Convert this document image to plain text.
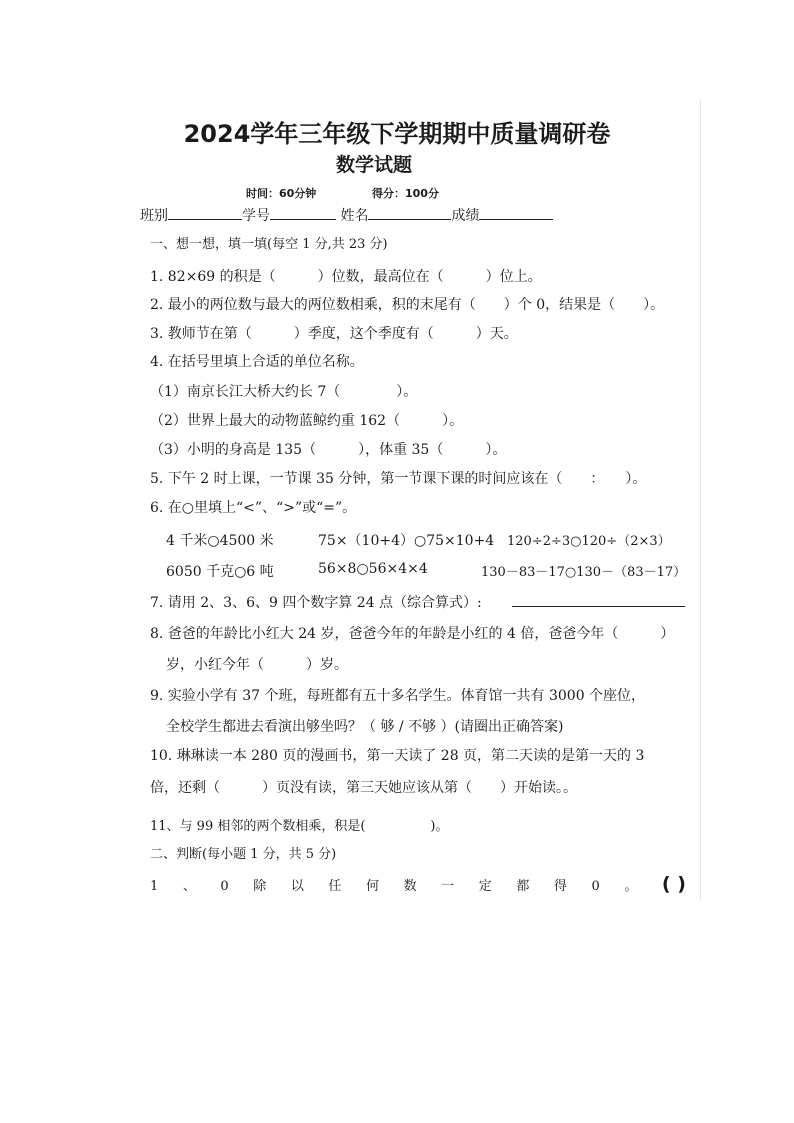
2024学年三年级下学期期中质量调研卷
数学试题
时间：60分钟	得分：100分
班别	学号	姓名	成绩
一、想一想，填一填(每空 1 分,共 23 分)
1. 82×69 的积是（　　　）位数，最高位在（　　　）位上。
2. 最小的两位数与最大的两位数相乘，积的末尾有（　　）个 0，结果是（　　）。
3. 教师节在第（　　　）季度，这个季度有（　　　）天。
4. 在括号里填上合适的单位名称。
（1）南京长江大桥大约长 7（　　　　）。
（2）世界上最大的动物蓝鲸约重 162（　　　）。
（3）小明的身高是 135（　　　），体重 35（　　　）。
5. 下午 2 时上课，一节课 35 分钟，第一节课下课的时间应该在（　　：　　）。
6. 在○里填上“<”、“>”或“=”。
4 千米○4500 米	75×（10+4）○75×10+4 120÷2÷3○120÷（2×3）
6050 千克○6 吨	56×8○56×4×4	130－83－17○130－（83－17）
7. 请用 2、3、6、9 四个数字算 24 点（综合算式）:
8. 爸爸的年龄比小红大 24 岁，爸爸今年的年龄是小红的 4 倍，爸爸今年（　　　）
岁，小红今年（　　　）岁。
9. 实验小学有 37 个班，每班都有五十多名学生。体育馆一共有 3000 个座位，
全校学生都进去看演出够坐吗？（ 够 / 不够 ）(请圈出正确答案)
10. 琳琳读一本 280 页的漫画书，第一天读了 28 页，第二天读的是第一天的 3
倍，还剩（　　　）页没有读，第三天她应该从第（　　）开始读。。
11、与 99 相邻的两个数相乘，积是(　　　　　)。
二、判断(每小题 1 分，共 5 分)
1 、 0 除 以 任 何 数 一 定 都 得 0 。 ( )
